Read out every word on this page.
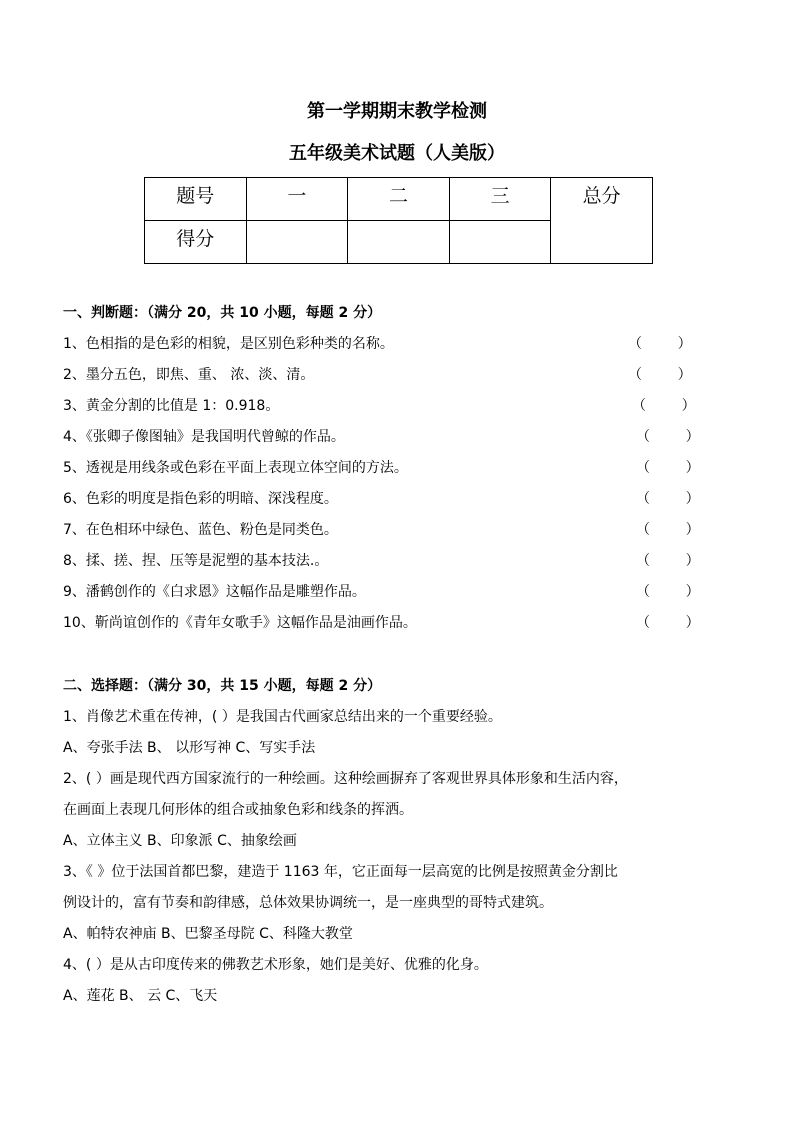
第一学期期末教学检测
五年级美术试题（人美版）
题号	一	二	三	总分
得分				
一、判断题：（满分 20，共 10 小题，每题 2 分）
1、色相指的是色彩的相貌，是区别色彩种类的名称。	（        ）
2、墨分五色，即焦、重、 浓、淡、清。	（        ）
3、黄金分割的比值是 1：0.918。	（        ）
4、《张卿子像图轴》是我国明代曾鲸的作品。	（        ）
5、透视是用线条或色彩在平面上表现立体空间的方法。	（        ）
6、色彩的明度是指色彩的明暗、深浅程度。	（        ）
7、在色相环中绿色、蓝色、粉色是同类色。	（        ）
8、揉、搓、捏、压等是泥塑的基本技法.。	（        ）
9、潘鹤创作的《白求恩》这幅作品是雕塑作品。	（        ）
10、靳尚谊创作的《青年女歌手》这幅作品是油画作品。	（        ）
二、选择题：（满分 30，共 15 小题，每题 2 分）
1、肖像艺术重在传神，( ）是我国古代画家总结出来的一个重要经验。
A、夸张手法 B、 以形写神 C、写实手法
2、( ）画是现代西方国家流行的一种绘画。这种绘画摒弃了客观世界具体形象和生活内容，
在画面上表现几何形体的组合或抽象色彩和线条的挥洒。
A、立体主义 B、印象派 C、抽象绘画
3、《 》位于法国首都巴黎，建造于 1163 年，它正面每一层高宽的比例是按照黄金分割比
例设计的，富有节奏和韵律感，总体效果协调统一，是一座典型的哥特式建筑。
A、帕特农神庙 B、巴黎圣母院 C、科隆大教堂
4、( ）是从古印度传来的佛教艺术形象，她们是美好、优雅的化身。
A、莲花 B、 云 C、飞天
